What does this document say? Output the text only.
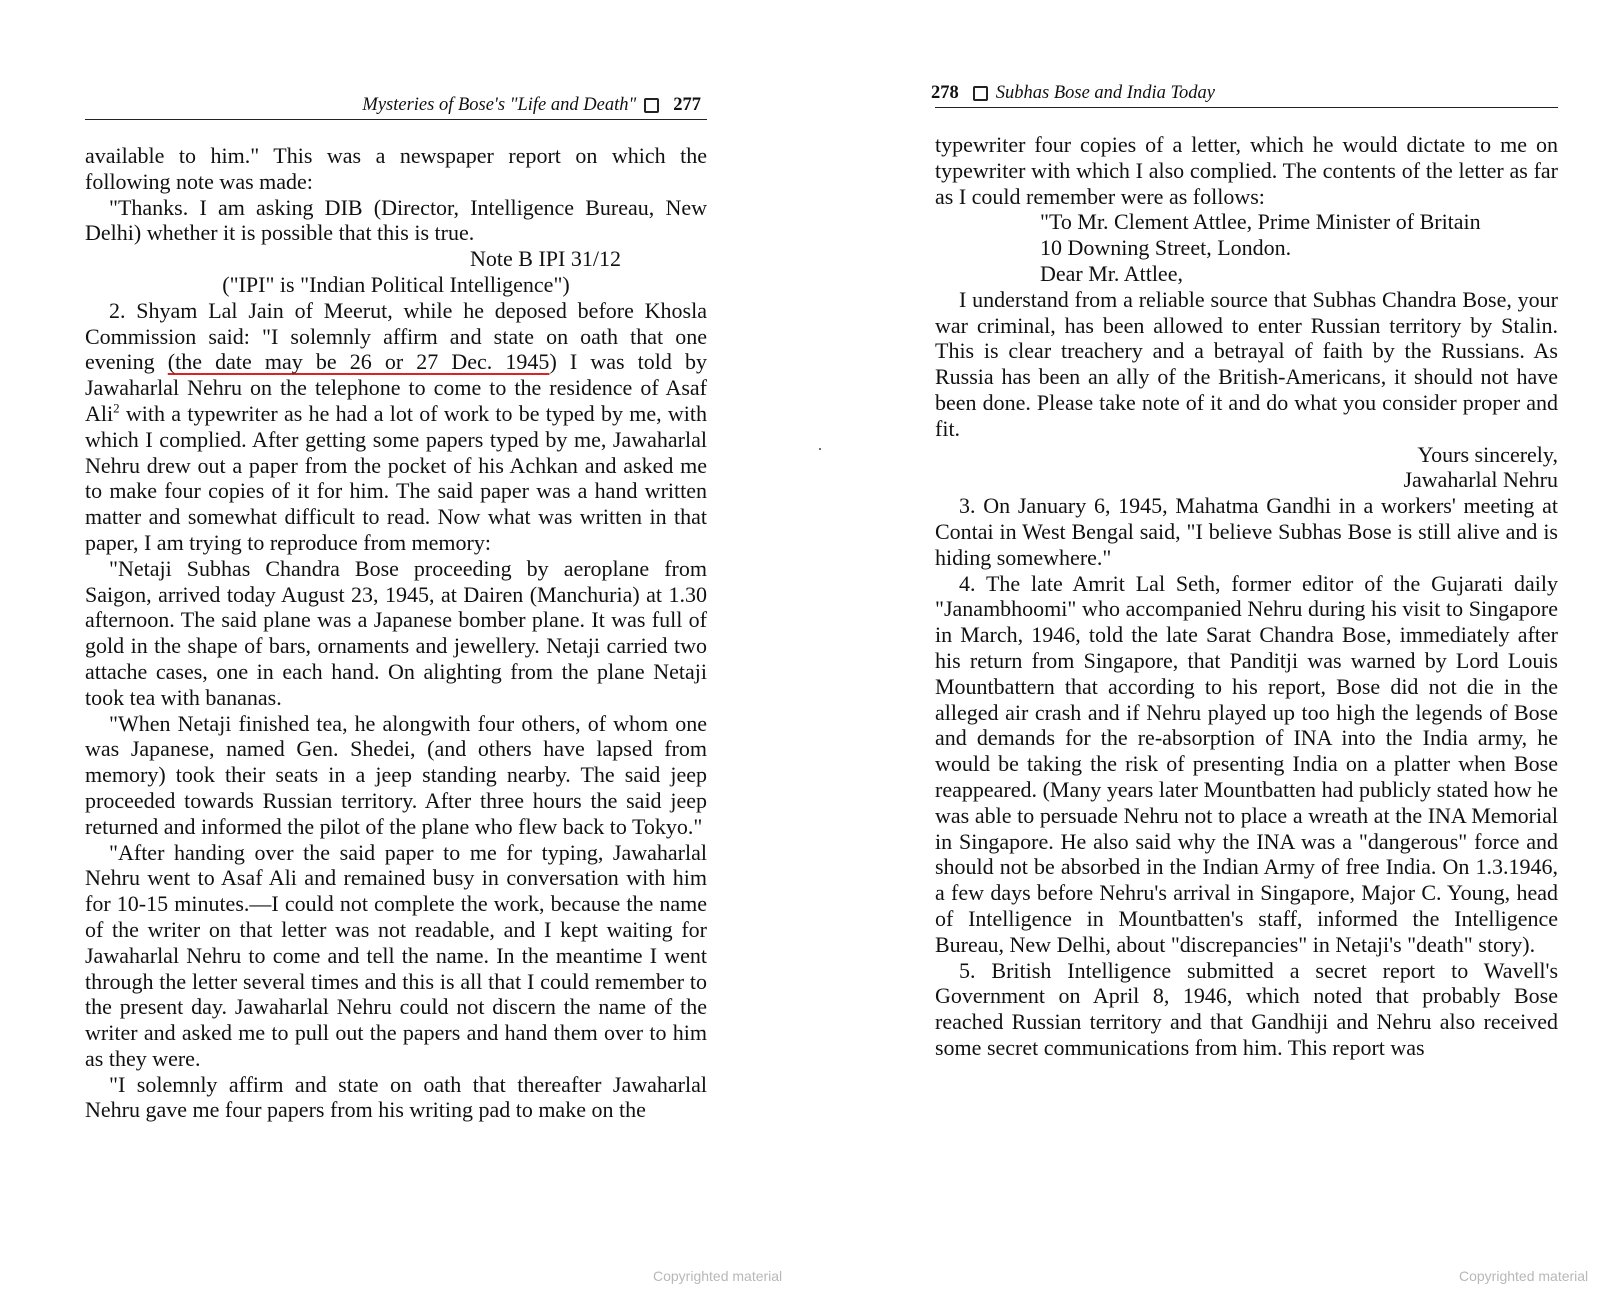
Mysteries of Bose's "Life and Death" 277

available to him." This was a newspaper report on which the following note was made:

"Thanks. I am asking DIB (Director, Intelligence Bureau, New Delhi) whether it is possible that this is true.

Note B IPI 31/12

("IPI" is "Indian Political Intelligence")

2. Shyam Lal Jain of Meerut, while he deposed before Khosla Commission said: "I solemnly affirm and state on oath that one evening (the date may be 26 or 27 Dec. 1945) I was told by Jawaharlal Nehru on the telephone to come to the residence of Asaf Ali$^2$ with a typewriter as he had a lot of work to be typed by me, with which I complied. After getting some papers typed by me, Jawaharlal Nehru drew out a paper from the pocket of his Achkan and asked me to make four copies of it for him. The said paper was a hand written matter and somewhat difficult to read. Now what was written in that paper, I am trying to reproduce from memory:

"Netaji Subhas Chandra Bose proceeding by aeroplane from Saigon, arrived today August 23, 1945, at Dairen (Manchuria) at 1.30 afternoon. The said plane was a Japanese bomber plane. It was full of gold in the shape of bars, ornaments and jewellery. Netaji carried two attache cases, one in each hand. On alighting from the plane Netaji took tea with bananas.

"When Netaji finished tea, he alongwith four others, of whom one was Japanese, named Gen. Shedei, (and others have lapsed from memory) took their seats in a jeep standing nearby. The said jeep proceeded towards Russian territory. After three hours the said jeep returned and informed the pilot of the plane who flew back to Tokyo."

"After handing over the said paper to me for typing, Jawaharlal Nehru went to Asaf Ali and remained busy in conversation with him for 10-15 minutes.—I could not complete the work, because the name of the writer on that letter was not readable, and I kept waiting for Jawaharlal Nehru to come and tell the name. In the meantime I went through the letter several times and this is all that I could remember to the present day. Jawaharlal Nehru could not discern the name of the writer and asked me to pull out the papers and hand them over to him as they were.

"I solemnly affirm and state on oath that thereafter Jawaharlal Nehru gave me four papers from his writing pad to make on the

278 Subhas Bose and India Today

typewriter four copies of a letter, which he would dictate to me on typewriter with which I also complied. The contents of the letter as far as I could remember were as follows:

"To Mr. Clement Attlee, Prime Minister of Britain

10 Downing Street, London.

Dear Mr. Attlee,

I understand from a reliable source that Subhas Chandra Bose, your war criminal, has been allowed to enter Russian territory by Stalin. This is clear treachery and a betrayal of faith by the Russians. As Russia has been an ally of the British-Americans, it should not have been done. Please take note of it and do what you consider proper and fit.

Yours sincerely,

Jawaharlal Nehru

3. On January 6, 1945, Mahatma Gandhi in a workers' meeting at Contai in West Bengal said, "I believe Subhas Bose is still alive and is hiding somewhere."

4. The late Amrit Lal Seth, former editor of the Gujarati daily "Janambhoomi" who accompanied Nehru during his visit to Singapore in March, 1946, told the late Sarat Chandra Bose, immediately after his return from Singapore, that Panditji was warned by Lord Louis Mountbattern that according to his report, Bose did not die in the alleged air crash and if Nehru played up too high the legends of Bose and demands for the re-absorption of INA into the India army, he would be taking the risk of presenting India on a platter when Bose reappeared. (Many years later Mountbatten had publicly stated how he was able to persuade Nehru not to place a wreath at the INA Memorial in Singapore. He also said why the INA was a "dangerous" force and should not be absorbed in the Indian Army of free India. On 1.3.1946, a few days before Nehru's arrival in Singapore, Major C. Young, head of Intelligence in Mountbatten's staff, informed the Intelligence Bureau, New Delhi, about "discrepancies" in Netaji's "death" story).

5. British Intelligence submitted a secret report to Wavell's Government on April 8, 1946, which noted that probably Bose reached Russian territory and that Gandhiji and Nehru also received some secret communications from him. This report was

Copyrighted material	Copyrighted material
